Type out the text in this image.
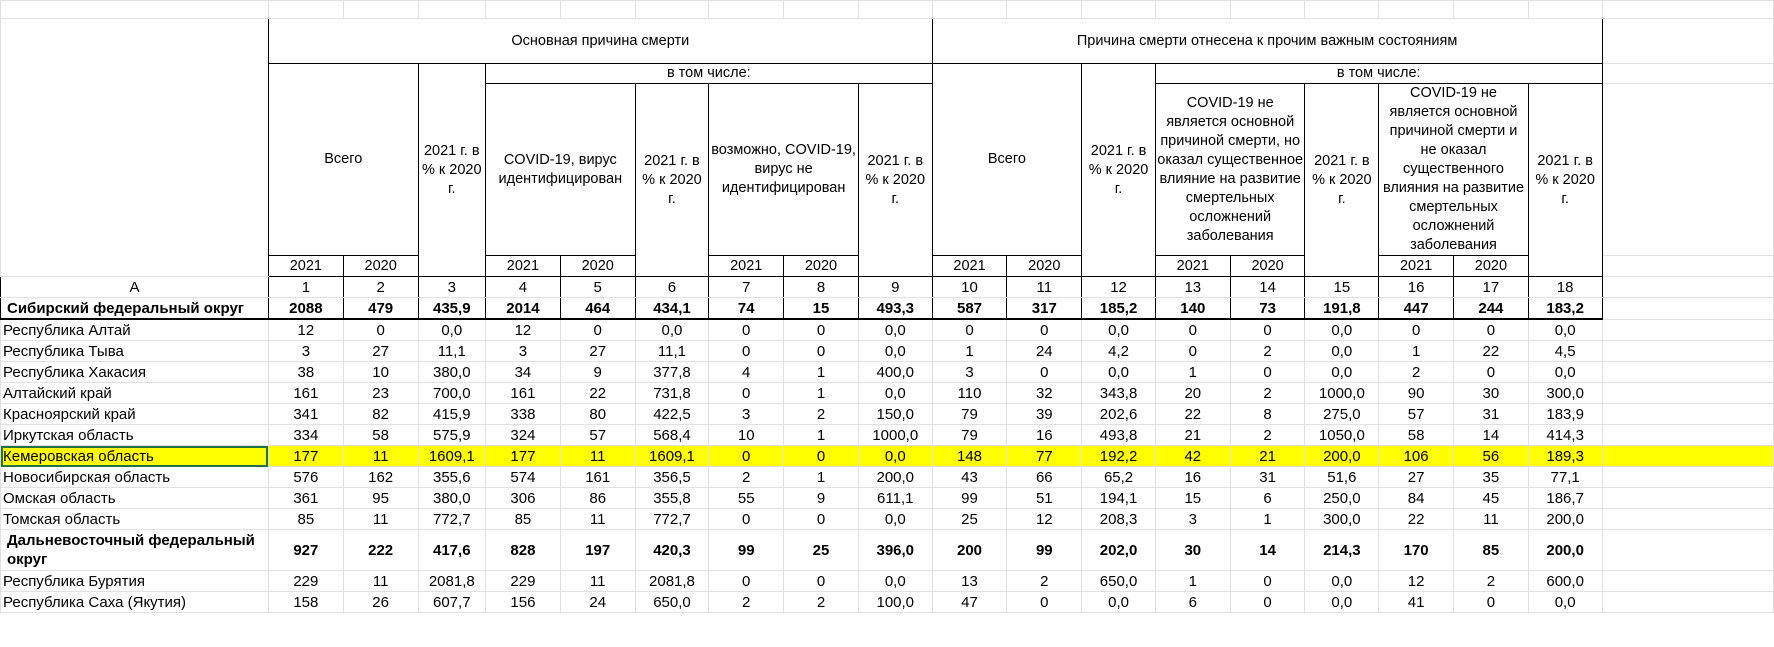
	Основная причина смерти									Причина смерти отнесена к прочим важным состояниям									
	Всего		2021 г. в % к 2020 г.	в том числе:						Всего		2021 г. в % к 2020 г.	в том числе:						
				COVID-19, вирус идентифицирован		2021 г. в % к 2020 г.	возможно, COVID-19, вирус не идентифицирован		2021 г. в % к 2020 г.				COVID-19 не является основной причиной смерти, но оказал существенное влияние на развитие смертельных осложнений заболевания		2021 г. в % к 2020 г.	COVID-19 не является основной причиной смерти и не оказал существенного влияния на развитие смертельных осложнений заболевания		2021 г. в % к 2020 г.	
	2021	2020		2021	2020		2021	2020		2021	2020		2021	2020		2021	2020		
А	1	2	3	4	5	6	7	8	9	10	11	12	13	14	15	16	17	18	
Сибирский федеральный округ	2088	479	435,9	2014	464	434,1	74	15	493,3	587	317	185,2	140	73	191,8	447	244	183,2	
Республика Алтай	12	0	0,0	12	0	0,0	0	0	0,0	0	0	0,0	0	0	0,0	0	0	0,0	
Республика Тыва	3	27	11,1	3	27	11,1	0	0	0,0	1	24	4,2	0	2	0,0	1	22	4,5	
Республика Хакасия	38	10	380,0	34	9	377,8	4	1	400,0	3	0	0,0	1	0	0,0	2	0	0,0	
Алтайский край	161	23	700,0	161	22	731,8	0	1	0,0	110	32	343,8	20	2	1000,0	90	30	300,0	
Красноярский край	341	82	415,9	338	80	422,5	3	2	150,0	79	39	202,6	22	8	275,0	57	31	183,9	
Иркутская область	334	58	575,9	324	57	568,4	10	1	1000,0	79	16	493,8	21	2	1050,0	58	14	414,3	
Кемеровская область	177	11	1609,1	177	11	1609,1	0	0	0,0	148	77	192,2	42	21	200,0	106	56	189,3	
Новосибирская область	576	162	355,6	574	161	356,5	2	1	200,0	43	66	65,2	16	31	51,6	27	35	77,1	
Омская область	361	95	380,0	306	86	355,8	55	9	611,1	99	51	194,1	15	6	250,0	84	45	186,7	
Томская область	85	11	772,7	85	11	772,7	0	0	0,0	25	12	208,3	3	1	300,0	22	11	200,0	
Дальневосточный федеральный округ	927	222	417,6	828	197	420,3	99	25	396,0	200	99	202,0	30	14	214,3	170	85	200,0	
Республика Бурятия	229	11	2081,8	229	11	2081,8	0	0	0,0	13	2	650,0	1	0	0,0	12	2	600,0	
Республика Саха (Якутия)	158	26	607,7	156	24	650,0	2	2	100,0	47	0	0,0	6	0	0,0	41	0	0,0	
